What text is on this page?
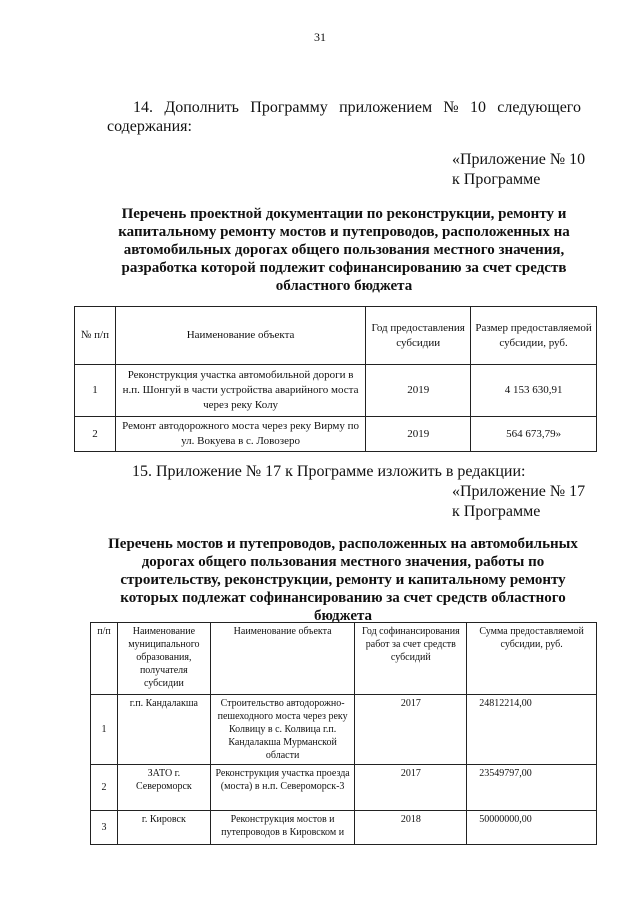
31
14. Дополнить Программу приложением № 10 следующего
содержания:
«Приложение № 10
к Программе
Перечень проектной документации по реконструкции, ремонту и капитальному ремонту мостов и путепроводов, расположенных на автомобильных дорогах общего пользования местного значения, разработка которой подлежит софинансированию за счет средств областного бюджета
№ п/п	Наименование объекта	Год предоставления субсидии	Размер предоставляемой субсидии, руб.
1	Реконструкция участка автомобильной дороги в н.п. Шонгуй в части устройства аварийного моста через реку Колу	2019	4 153 630,91
2	Ремонт автодорожного моста через реку Вирму по ул. Вокуева в с. Ловозеро	2019	564 673,79»
15. Приложение № 17 к Программе изложить в редакции:
«Приложение № 17
к Программе
Перечень мостов и путепроводов, расположенных на автомобильных дорогах общего пользования местного значения, работы по строительству, реконструкции, ремонту и капитальному ремонту которых подлежат софинансированию за счет средств областного бюджета
п/п	Наименование муниципального образования, получателя субсидии	Наименование объекта	Год софинансирования работ за счет средств субсидий	Сумма предоставляемой субсидии, руб.
1	г.п. Кандалакша	Строительство автодорожно-пешеходного моста через реку Колвицу в с. Колвица г.п. Кандалакша Мурманской области	2017	24812214,00
2	ЗАТО г. Североморск	Реконструкция участка проезда (моста) в н.п. Североморск-3	2017	23549797,00
3	г. Кировск	Реконструкция мостов и путепроводов в Кировском и	2018	50000000,00
